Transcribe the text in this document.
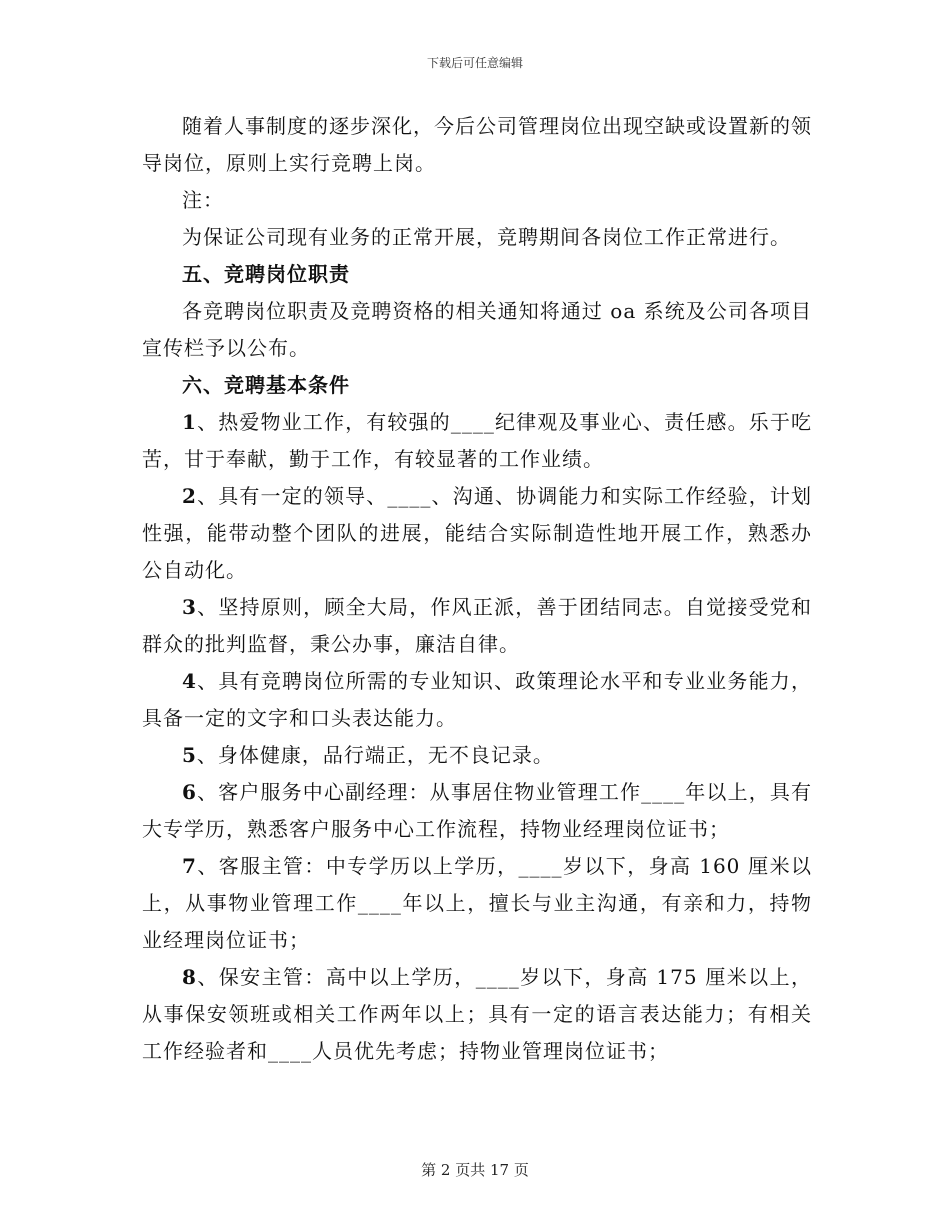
下载后可任意编辑

随着人事制度的逐步深化，今后公司管理岗位出现空缺或设置新的领导岗位，原则上实行竞聘上岗。

注：

为保证公司现有业务的正常开展，竞聘期间各岗位工作正常进行。

五、竞聘岗位职责

各竞聘岗位职责及竞聘资格的相关通知将通过 oa 系统及公司各项目宣传栏予以公布。

六、竞聘基本条件

1、热爱物业工作，有较强的____纪律观及事业心、责任感。乐于吃苦，甘于奉献，勤于工作，有较显著的工作业绩。

2、具有一定的领导、____、沟通、协调能力和实际工作经验，计划性强，能带动整个团队的进展，能结合实际制造性地开展工作，熟悉办公自动化。

3、坚持原则，顾全大局，作风正派，善于团结同志。自觉接受党和群众的批判监督，秉公办事，廉洁自律。

4、具有竞聘岗位所需的专业知识、政策理论水平和专业业务能力，具备一定的文字和口头表达能力。

5、身体健康，品行端正，无不良记录。

6、客户服务中心副经理：从事居住物业管理工作____年以上，具有大专学历，熟悉客户服务中心工作流程，持物业经理岗位证书；

7、客服主管：中专学历以上学历，____岁以下，身高 160 厘米以上，从事物业管理工作____年以上，擅长与业主沟通，有亲和力，持物业经理岗位证书；

8、保安主管：高中以上学历，____岁以下，身高 175 厘米以上，从事保安领班或相关工作两年以上；具有一定的语言表达能力；有相关工作经验者和____人员优先考虑；持物业管理岗位证书；

第 2 页共 17 页
